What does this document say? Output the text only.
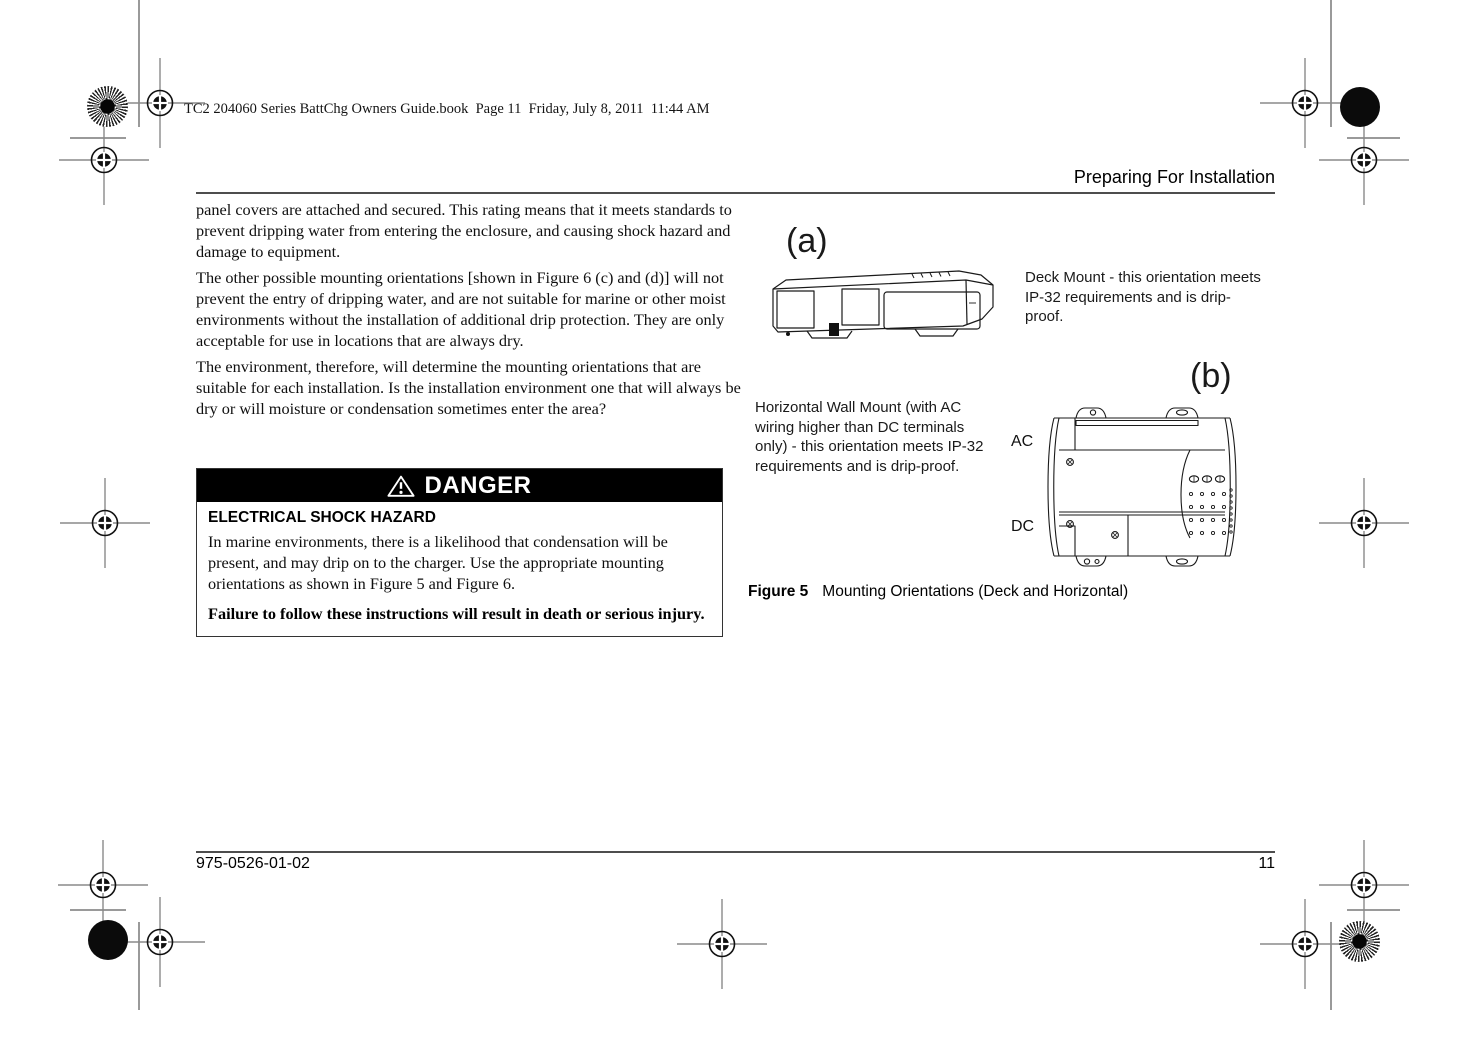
TC2 204060 Series BattChg Owners Guide.book  Page 11  Friday, July 8, 2011  11:44 AM
Preparing For Installation
panel covers are attached and secured. This rating means that it meets standards to prevent dripping water from entering the enclosure, and causing shock hazard and damage to equipment.
The other possible mounting orientations [shown in Figure 6 (c) and (d)] will not prevent the entry of dripping water, and are not suitable for marine or other moist environments without the installation of additional drip protection. They are only acceptable for use in locations that are always dry.
The environment, therefore, will determine the mounting orientations that are suitable for each installation. Is the installation environment one that will always be dry or will moisture or condensation sometimes enter the area?
DANGER
ELECTRICAL SHOCK HAZARD

In marine environments, there is a likelihood that condensation will be present, and may drip on to the charger. Use the appropriate mounting orientations as shown in Figure 5 and Figure 6.

Failure to follow these instructions will result in death or serious injury.

(a)
Deck Mount - this orientation meets IP-32 requirements and is drip-proof.
(b)
Horizontal Wall Mount (with AC wiring higher than DC terminals only) - this orientation meets IP-32 requirements and is drip-proof.
AC
DC
Figure 5 Mounting Orientations (Deck and Horizontal)
975-0526-01-02	11
